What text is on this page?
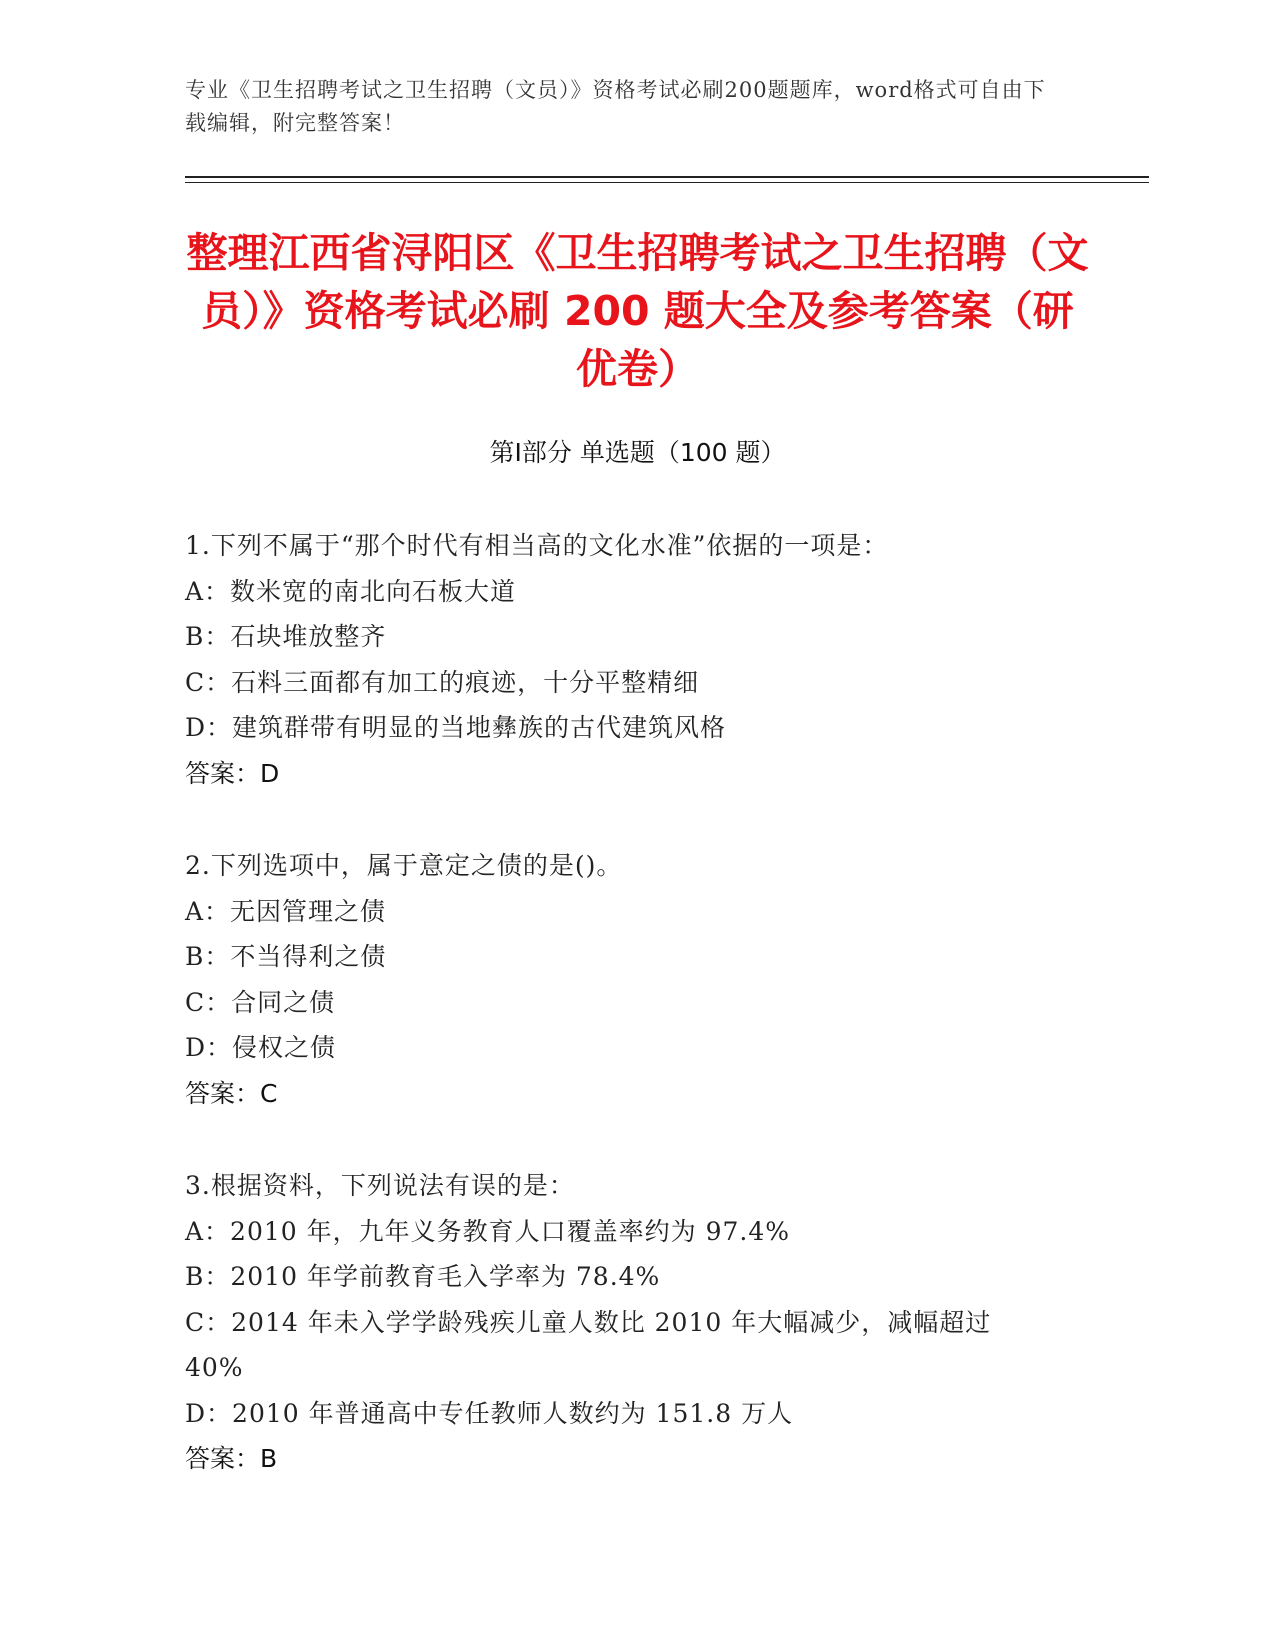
专业《卫生招聘考试之卫生招聘（文员）》资格考试必刷200题题库，word格式可自由下载编辑，附完整答案！
整理江西省浔阳区《卫生招聘考试之卫生招聘（文员）》资格考试必刷 200 题大全及参考答案（研优卷）
第Ⅰ部分 单选题（100 题）
1.下列不属于“那个时代有相当高的文化水准”依据的一项是：
A：数米宽的南北向石板大道
B：石块堆放整齐
C：石料三面都有加工的痕迹，十分平整精细
D：建筑群带有明显的当地彝族的古代建筑风格
答案：D
2.下列选项中，属于意定之债的是()。
A：无因管理之债
B：不当得利之债
C：合同之债
D：侵权之债
答案：C
3.根据资料，下列说法有误的是：
A：2010 年，九年义务教育人口覆盖率约为 97.4%
B：2010 年学前教育毛入学率为 78.4%
C：2014 年未入学学龄残疾儿童人数比 2010 年大幅减少，减幅超过 40%
D：2010 年普通高中专任教师人数约为 151.8 万人
答案：B
